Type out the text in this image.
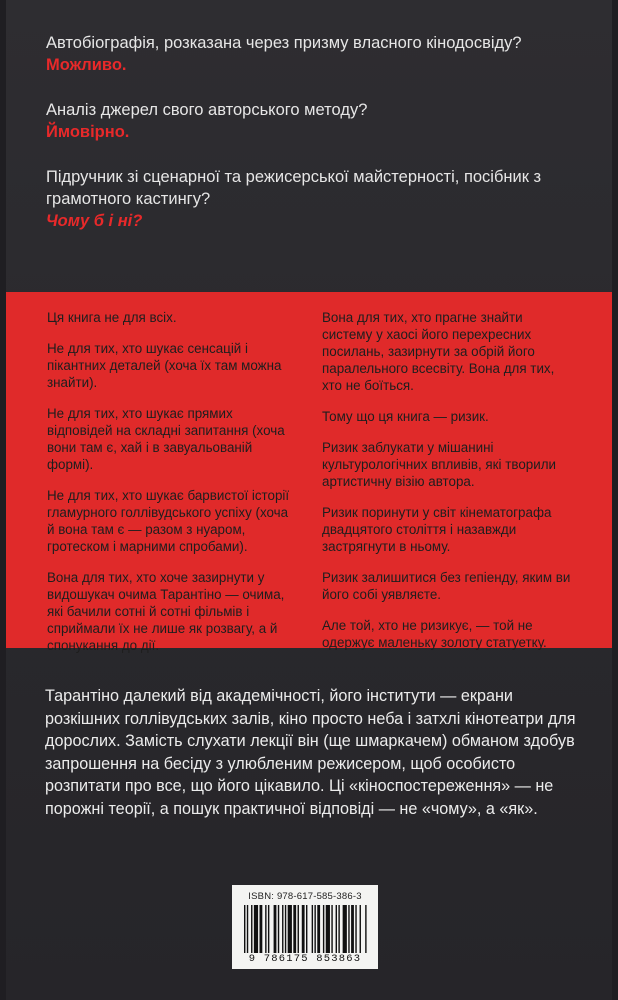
Автобіографія, розказана через призму власного кінодосвіду?
Можливо.

Аналіз джерел свого авторського методу?
Ймовірно.

Підручник зі сценарної та режисерської майстерності, посібник з грамотного кастингу?
Чому б і ні?

Ця книга не для всіх.

Не для тих, хто шукає сенсацій і пікантних деталей (хоча їх там можна знайти).

Не для тих, хто шукає прямих відповідей на складні запитання (хоча вони там є, хай і в завуальованій формі).

Не для тих, хто шукає барвистої історії гламурного голлівудського успіху (хоча й вона там є — разом з нуаром, гротеском і марними спробами).

Вона для тих, хто хоче зазирнути у видошукач очима Тарантіно — очима, які бачили сотні й сотні фільмів і сприймали їх не лише як розвагу, а й спонукання до дії.

Вона для тих, хто прагне знайти систему у хаосі його перехресних посилань, зазирнути за обрій його паралельного всесвіту. Вона для тих, хто не боїться.

Тому що ця книга — ризик.

Ризик заблукати у мішанині культурологічних впливів, які творили артистичну візію автора.

Ризик поринути у світ кінематографа двадцятого століття і назавжди застрягнути в ньому.

Ризик залишитися без гепіенду, яким ви його собі уявляєте.

Але той, хто не ризикує, — той не одержує маленьку золоту статуетку.

Тарантіно далекий від академічності, його інститути — екрани розкішних голлівудських залів, кіно просто неба і затхлі кінотеатри для дорослих. Замість слухати лекції він (ще шмаркачем) обманом здобув запрошення на бесіду з улюбленим режисером, щоб особисто розпитати про все, що його цікавило. Ці «кіноспостереження» — не порожні теорії, а пошук практичної відповіді — не «чому», а «як».

ISBN: 978-617-585-386-3
9 786175 853863
